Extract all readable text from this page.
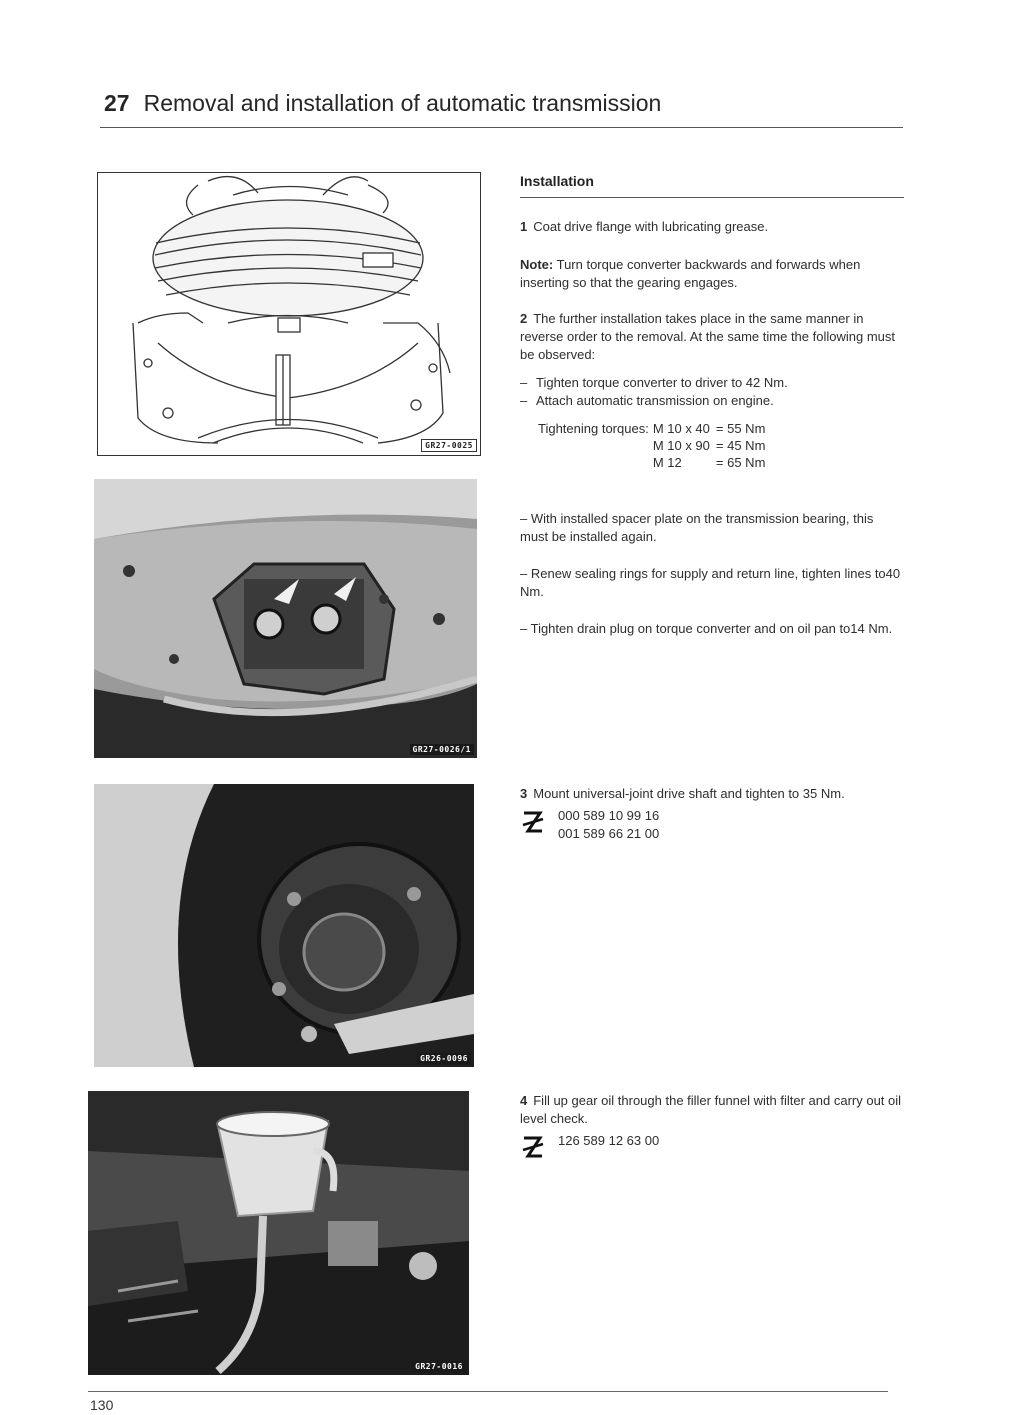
27 Removal and installation of automatic transmission
GR27-0025
GR27-0026/1
GR26-0096
GR27-0016
Installation

1 Coat drive flange with lubricating grease.

Note: Turn torque converter backwards and forwards when inserting so that the gearing engages.

2 The further installation takes place in the same manner in reverse order to the removal. At the same time the following must be observed:

– Tighten torque converter to driver to 42 Nm.
– Attach automatic transmission on engine.
Tightening torques:	M 10 x 40	= 55 Nm
	M 10 x 90	= 45 Nm
	M 12	= 65 Nm

– With installed spacer plate on the transmission bearing, this must be installed again.

– Renew sealing rings for supply and return line, tighten lines to40 Nm.

– Tighten drain plug on torque converter and on oil pan to14 Nm.

3 Mount universal-joint drive shaft and tighten to 35 Nm.

000 589 10 99 16
001 589 66 21 00

4 Fill up gear oil through the filler funnel with filter and carry out oil level check.

126 589 12 63 00
130
